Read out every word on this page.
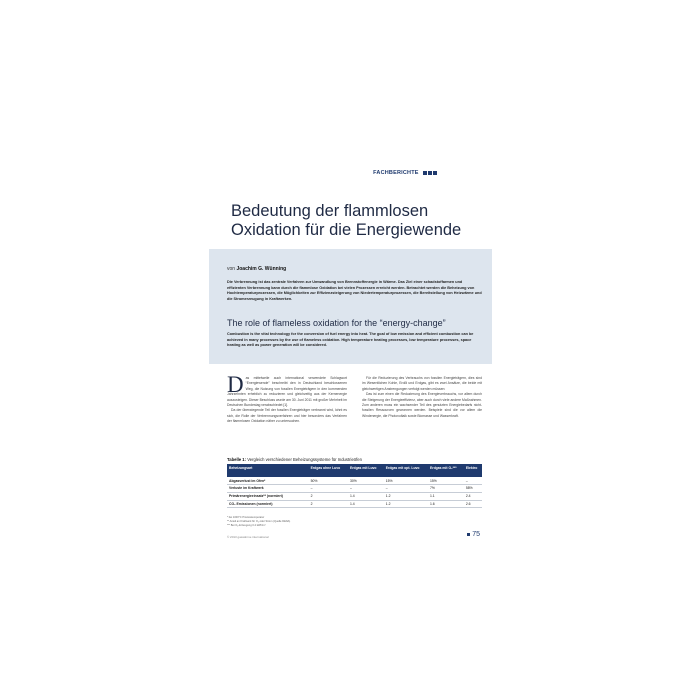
FACHBERICHTE
Bedeutung der flammlosen
Oxidation für die Energiewende
von Joachim G. Wünning
Die Verbrennung ist das zentrale Verfahren zur Umwandlung von Brennstoffenergie in Wärme. Das Ziel einer schadstoffarmen und effizienten Verbrennung kann durch die flammlose Oxidation bei vielen Prozessen erreicht werden. Betrachtet werden die Beheizung von Hochtemperaturprozessen, die Möglichkeiten zur Effizienzsteigerung von Niedertemperaturprozessen, die Bereitstellung von Heizwärme und die Stromerzeugung in Kraftwerken.
The role of flameless oxidation for the “energy-change”
Combustion is the vital technology for the conversion of fuel energy into heat. The goal of low emission and efficient combustion can be achieved in many processes by the use of flameless oxidation. High temperature heating processes, low temperature processes, space heating as well as power generation will be considered.

Das mittelweile auch international verwendete Schlagwort “Energiewende” beschreibt den in Deutschland beschlossenen Weg, die Nutzung von fossilen Energieträgern in den kommenden Jahrzehnten erheblich zu reduzieren und gleichzeitig aus der Kernenergie auszusteigen. Dieser Beschluss wurde am 30. Juni 2011 mit großer Mehrheit im Deutschen Bundestag verabschiedet [1].

Da der überwiegende Teil der fossilen Energieträger verbrannt wird, lohnt es sich, die Rolle der Verbrennungsverfahren und hier besonders das Verfahren der flammlosen Oxidation näher zu untersuchen.

Für die Reduzierung des Verbrauchs von fossilen Energieträgern, dies sind im Wesentlichen Kohle, Erdöl und Erdgas, gibt es zwei Ansätze, die beide mit gleichwertigen Anstrengungen verfolgt werden müssen:

Das ist zum einen die Reduzierung des Energieverbrauchs, vor allem durch die Steigerung der Energieeffizienz, aber auch durch viele andere Maßnahmen. Zum anderen muss ein wachsender Teil des genutzten Energiebedarfs nicht-fossilen Ressourcen gewonnen werden. Beispiele sind die vor allem die Windenergie, die Photovoltaik sowie Biomasse und Wasserkraft.

Tabelle 1: Vergleich verschiedener Beheizungssysteme für Industrieöfen
Beheizungsart	Erdgas ohne Luvo	Erdgas mit Luvo	Erdgas mit opt. Luvo	Erdgas mit O₂***	Elektro
Abgasverlust im Ofen*	50%	30%	15%	15%	–
Verluste im Kraftwerk	–	–	–	7%	58%
Primärenergieeinsatz** (normiert)	2	1.4	1.2	1.1	2.4
CO₂ Emissionen (normiert)	2	1.4	1.2	1.6	2.6
* bei 1000°C Prozesstemperatur
** Anteil an Kraftwerk für O₂ oder Strom (Quelle DENA)
*** Bei O₂-Erzeugung 0.4 kWh/m³
© 2013 gaswärme international	75
